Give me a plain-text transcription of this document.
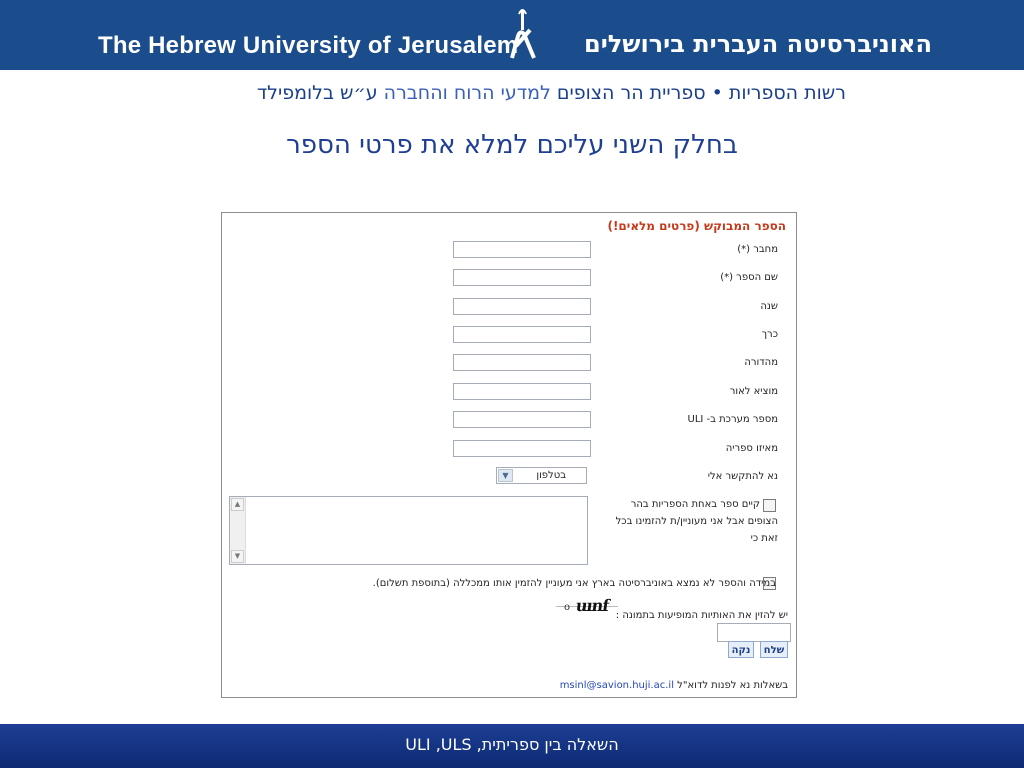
The Hebrew University of Jerusalem	האוניברסיטה העברית בירושלים
רשות הספריות • ספריית הר הצופים למדעי הרוח והחברה ע״ש בלומפילד
בחלק השני עליכם למלא את פרטי הספר
הספר המבוקש (פרטים מלאים!)
מחבר (*)
שם הספר (*)
שנה
כרך
מהדורה
מוציא לאור
מספר מערכת ב- ULI
מאיזו ספריה
נא להתקשר אלי
בטלפון
▼
קיים ספר באחת הספריות בהר
הצופים אבל אני מעוניין/ת להזמינו בכל
זאת כי
▲
▼
במידה והספר לא נמצא באוניברסיטה בארץ אני מעוניין להזמין אותו ממכללה (בתוספת תשלום).
o uınf
יש להזין את האותיות המופיעות בתמונה :
שלח
נקה
בשאלות נא לפנות לדוא"ל msinl@savion.huji.ac.il
השאלה בין ספריתית, ULI ,ULS
